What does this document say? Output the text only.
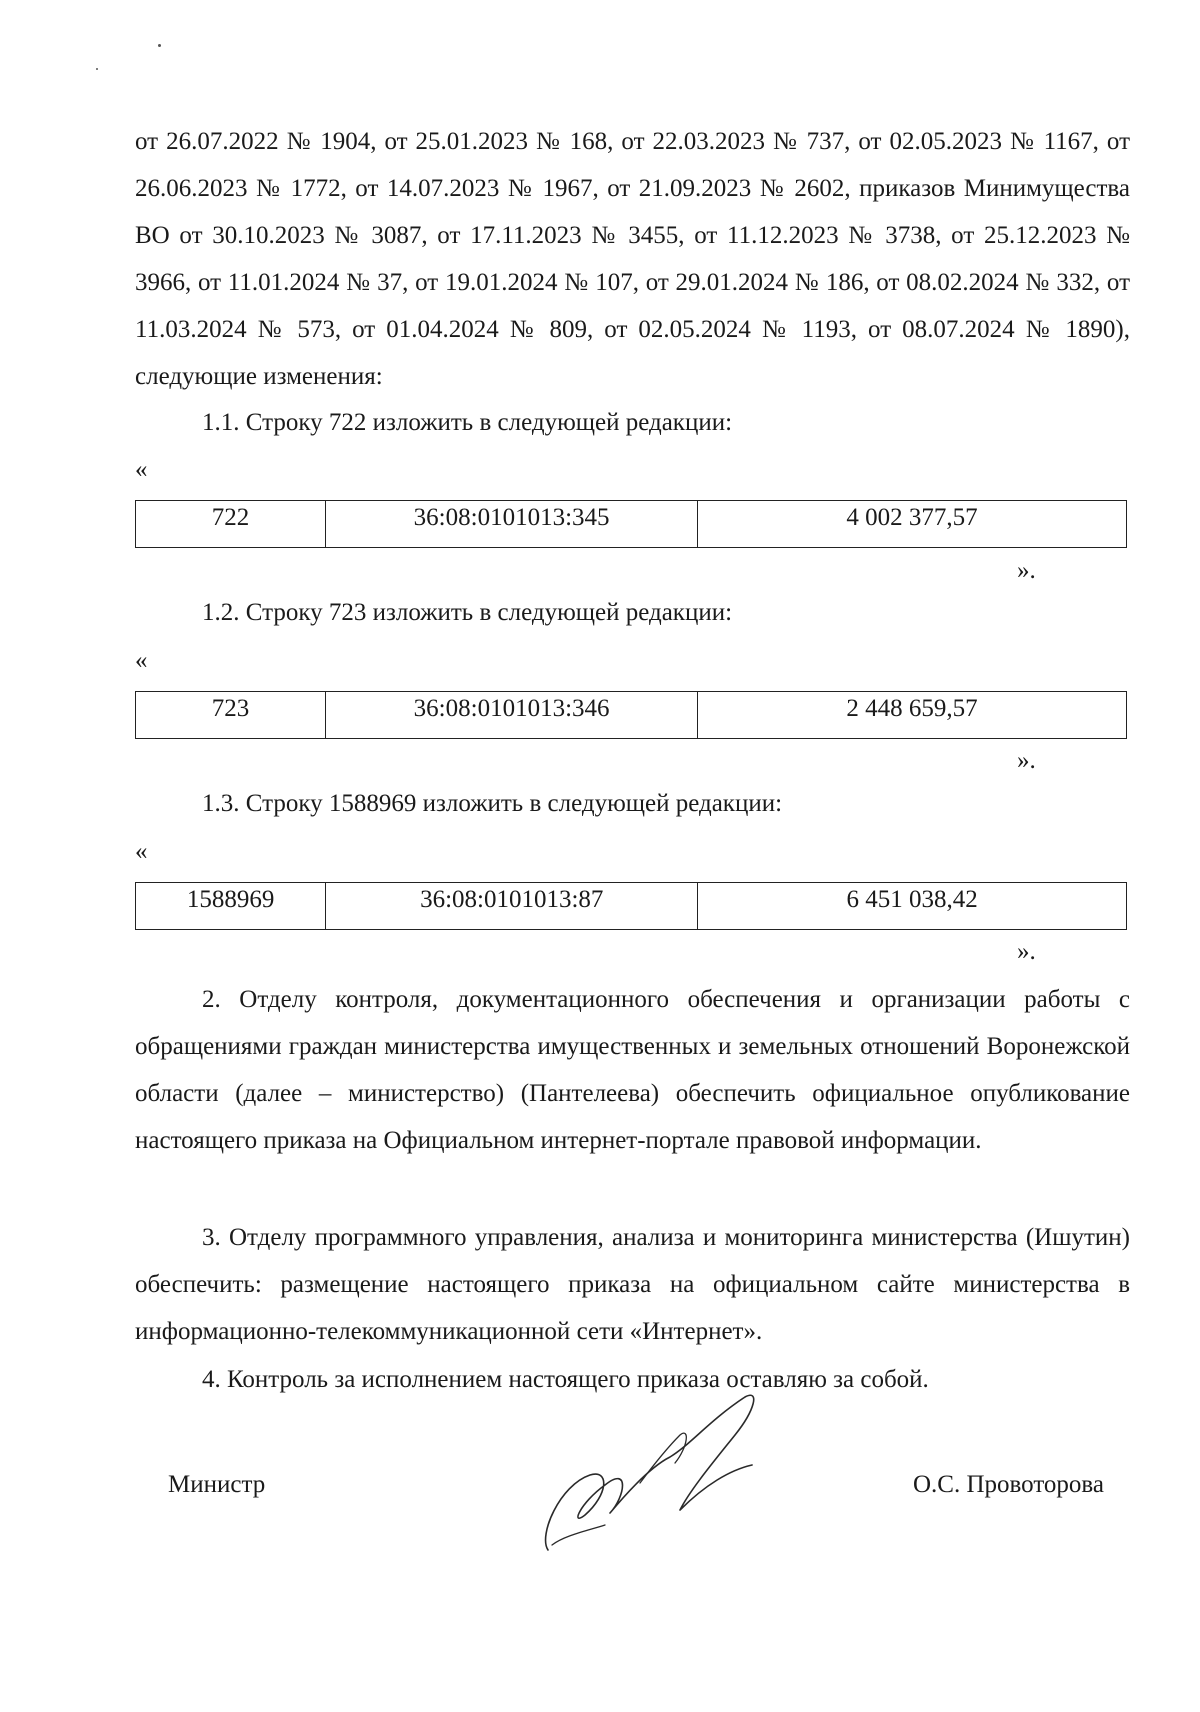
от 26.07.2022 № 1904, от 25.01.2023 № 168, от 22.03.2023 № 737, от 02.05.2023 № 1167, от 26.06.2023 № 1772, от 14.07.2023 № 1967, от 21.09.2023 № 2602, приказов Минимущества ВО от 30.10.2023 № 3087, от 17.11.2023 № 3455, от 11.12.2023 № 3738, от 25.12.2023 № 3966, от 11.01.2024 № 37, от 19.01.2024 № 107, от 29.01.2024 № 186, от 08.02.2024 № 332, от 11.03.2024 № 573, от 01.04.2024 № 809, от 02.05.2024 № 1193, от 08.07.2024 № 1890), следующие изменения:

1.1. Строку 722 изложить в следующей редакции:
«
722	36:08:0101013:345	4 002 377,57
».
1.2. Строку 723 изложить в следующей редакции:
«
723	36:08:0101013:346	2 448 659,57
».
1.3. Строку 1588969 изложить в следующей редакции:
«
1588969	36:08:0101013:87	6 451 038,42
».

2. Отделу контроля, документационного обеспечения и организации работы с обращениями граждан министерства имущественных и земельных отношений Воронежской области (далее – министерство) (Пантелеева) обеспечить официальное опубликование настоящего приказа на Официальном интернет-портале правовой информации.

3. Отделу программного управления, анализа и мониторинга министерства (Ишутин) обеспечить: размещение настоящего приказа на официальном сайте министерства в информационно-телекоммуникационной сети «Интернет».

4. Контроль за исполнением настоящего приказа оставляю за собой.

Министр	О.С. Провоторова
